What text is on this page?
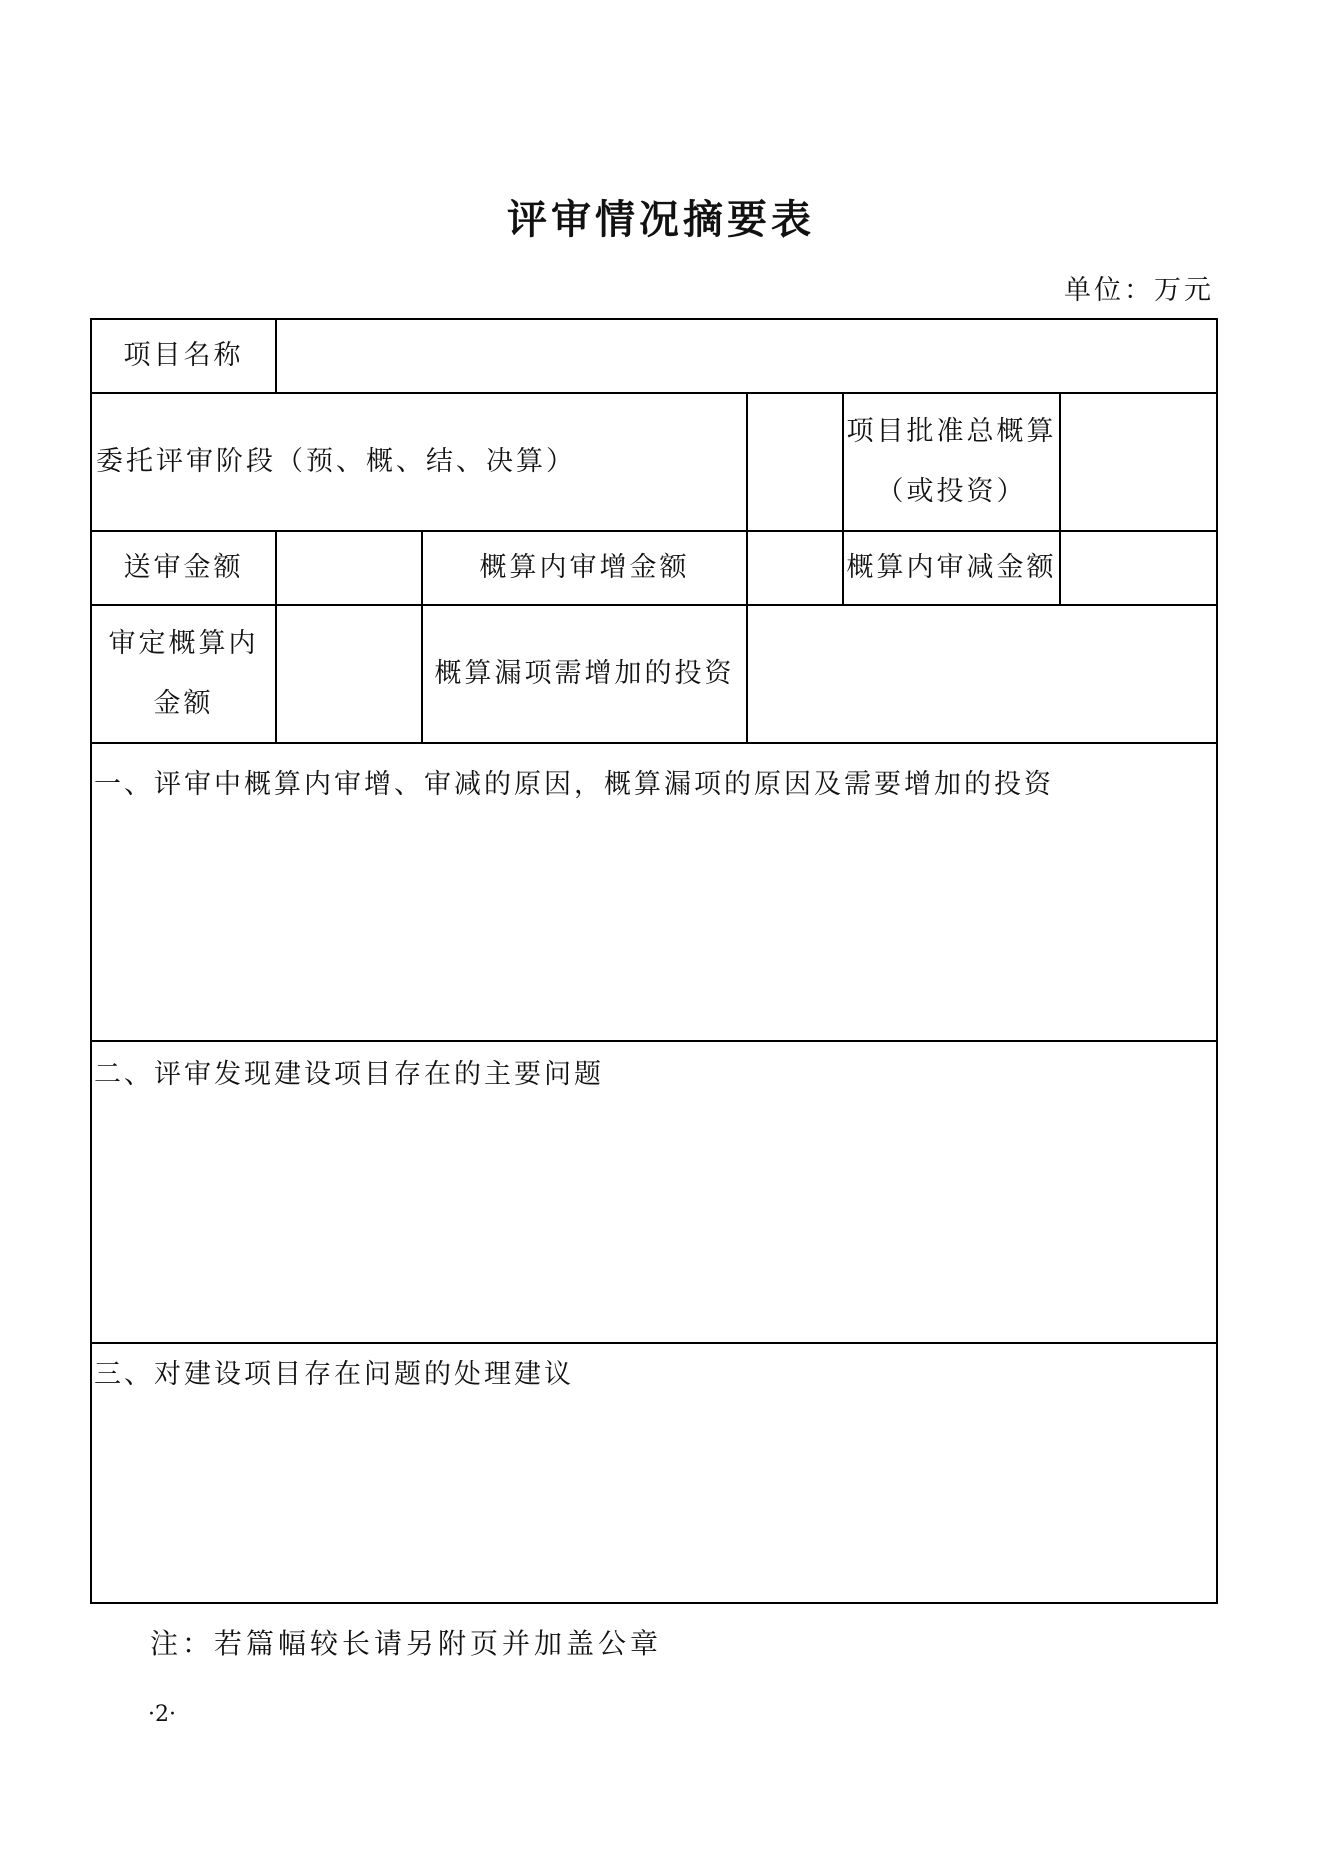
评审情况摘要表
单位：万元
项目名称
委托评审阶段（预、概、结、决算）
项目批准总概算
（或投资）
送审金额	概算内审增金额	概算内审减金额
审定概算内
金额
概算漏项需增加的投资
一、评审中概算内审增、审减的原因，概算漏项的原因及需要增加的投资
二、评审发现建设项目存在的主要问题
三、对建设项目存在问题的处理建议
注：若篇幅较长请另附页并加盖公章
·2·
